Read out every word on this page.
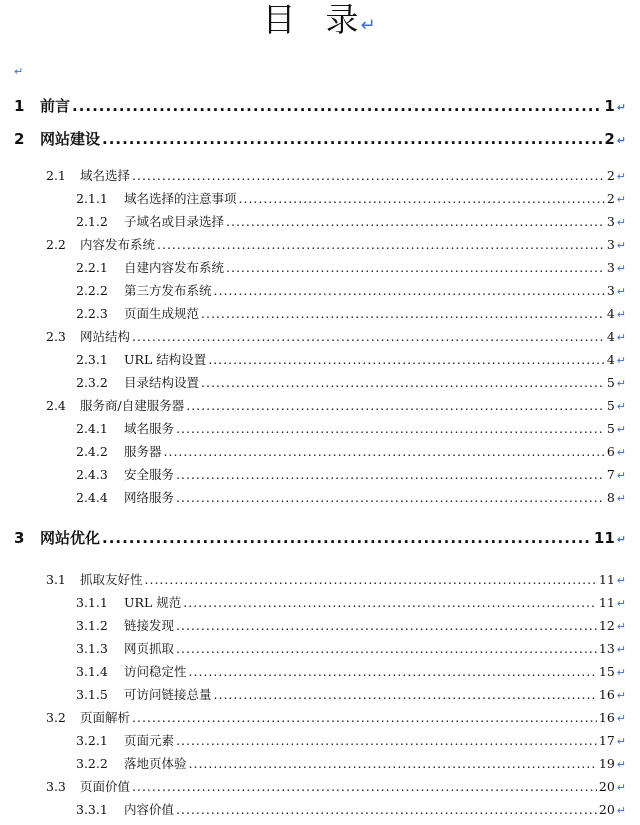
目 录↵
↵
1	前言 .....	1 ↵
2	网站建设 .....	2 ↵
2.1	域名选择 .....	2 ↵
2.1.1	域名选择的注意事项 .....	2 ↵
2.1.2	子域名或目录选择 .....	3 ↵
2.2	内容发布系统 .....	3 ↵
2.2.1	自建内容发布系统 .....	3 ↵
2.2.2	第三方发布系统 .....	3 ↵
2.2.3	页面生成规范 .....	4 ↵
2.3	网站结构 .....	4 ↵
2.3.1	URL 结构设置 .....	4 ↵
2.3.2	目录结构设置 .....	5 ↵
2.4	服务商/自建服务器 .....	5 ↵
2.4.1	域名服务 .....	5 ↵
2.4.2	服务器 .....	6 ↵
2.4.3	安全服务 .....	7 ↵
2.4.4	网络服务 .....	8 ↵
3	网站优化 .....	11 ↵
3.1	抓取友好性 .....	11 ↵
3.1.1	URL 规范 .....	11 ↵
3.1.2	链接发现 .....	12 ↵
3.1.3	网页抓取 .....	13 ↵
3.1.4	访问稳定性 .....	15 ↵
3.1.5	可访问链接总量 .....	16 ↵
3.2	页面解析 .....	16 ↵
3.2.1	页面元素 .....	17 ↵
3.2.2	落地页体验 .....	19 ↵
3.3	页面价值 .....	20 ↵
3.3.1	内容价值 .....	20 ↵
